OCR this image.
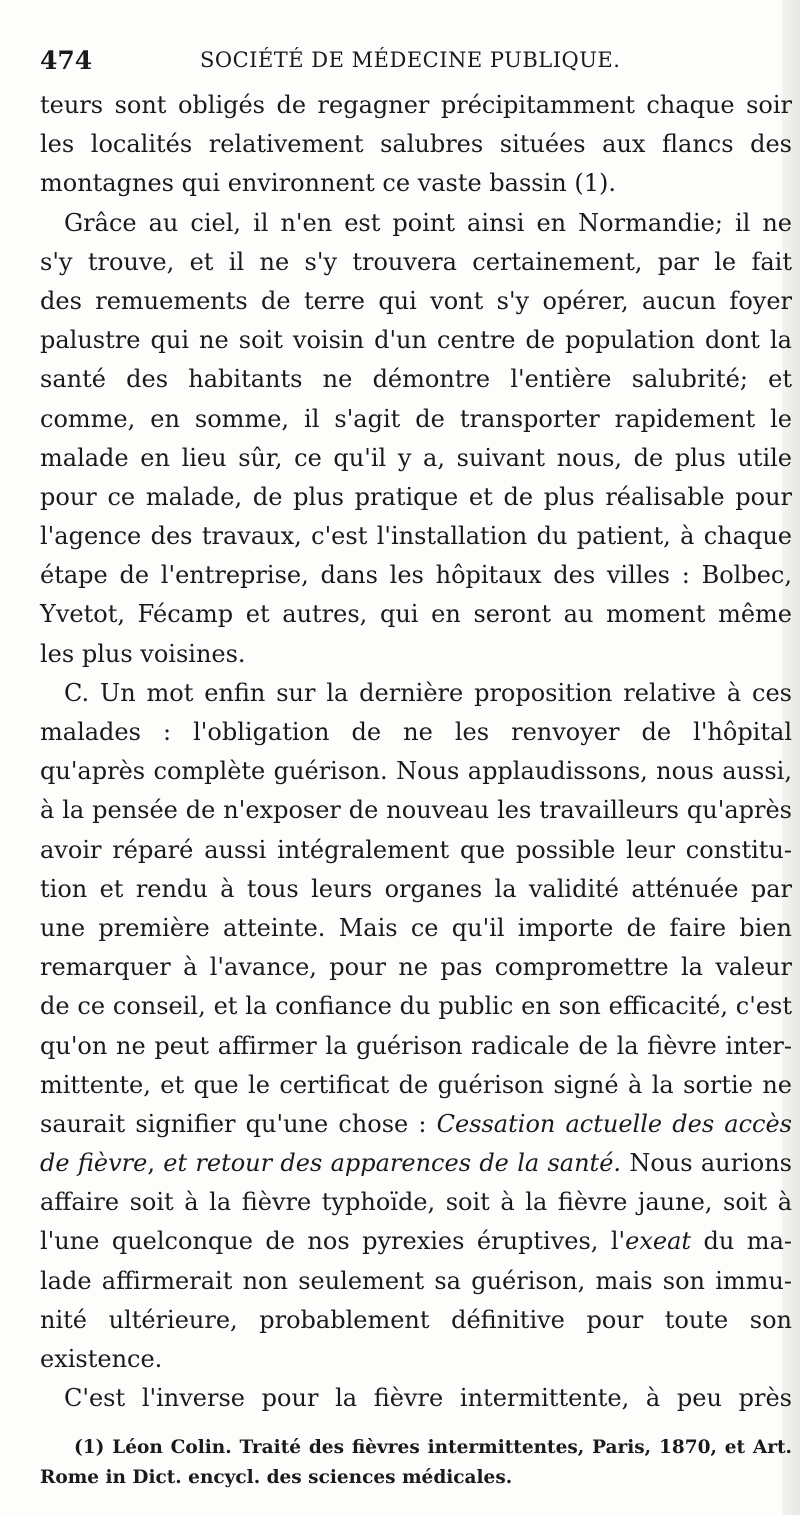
474	SOCIÉTÉ DE MÉDECINE PUBLIQUE.
teurs sont obligés de regagner précipitamment chaque soir
les localités relativement salubres situées aux flancs des
montagnes qui environnent ce vaste bassin (1).
Grâce au ciel, il n'en est point ainsi en Normandie; il ne
s'y trouve, et il ne s'y trouvera certainement, par le fait
des remuements de terre qui vont s'y opérer, aucun foyer
palustre qui ne soit voisin d'un centre de population dont la
santé des habitants ne démontre l'entière salubrité; et
comme, en somme, il s'agit de transporter rapidement le
malade en lieu sûr, ce qu'il y a, suivant nous, de plus utile
pour ce malade, de plus pratique et de plus réalisable pour
l'agence des travaux, c'est l'installation du patient, à chaque
étape de l'entreprise, dans les hôpitaux des villes : Bolbec,
Yvetot, Fécamp et autres, qui en seront au moment même
les plus voisines.
C. Un mot enfin sur la dernière proposition relative à ces
malades : l'obligation de ne les renvoyer de l'hôpital
qu'après complète guérison. Nous applaudissons, nous aussi,
à la pensée de n'exposer de nouveau les travailleurs qu'après
avoir réparé aussi intégralement que possible leur constitu-
tion et rendu à tous leurs organes la validité atténuée par
une première atteinte. Mais ce qu'il importe de faire bien
remarquer à l'avance, pour ne pas compromettre la valeur
de ce conseil, et la confiance du public en son efficacité, c'est
qu'on ne peut affirmer la guérison radicale de la fièvre inter-
mittente, et que le certificat de guérison signé à la sortie ne
saurait signifier qu'une chose : Cessation actuelle des accès
de fièvre, et retour des apparences de la santé. Nous aurions
affaire soit à la fièvre typhoïde, soit à la fièvre jaune, soit à
l'une quelconque de nos pyrexies éruptives, l'exeat du ma-
lade affirmerait non seulement sa guérison, mais son immu-
nité ultérieure, probablement définitive pour toute son
existence.
C'est l'inverse pour la fièvre intermittente, à peu près
(1) Léon Colin. Traité des fièvres intermittentes, Paris, 1870, et Art.
Rome in Dict. encycl. des sciences médicales.
